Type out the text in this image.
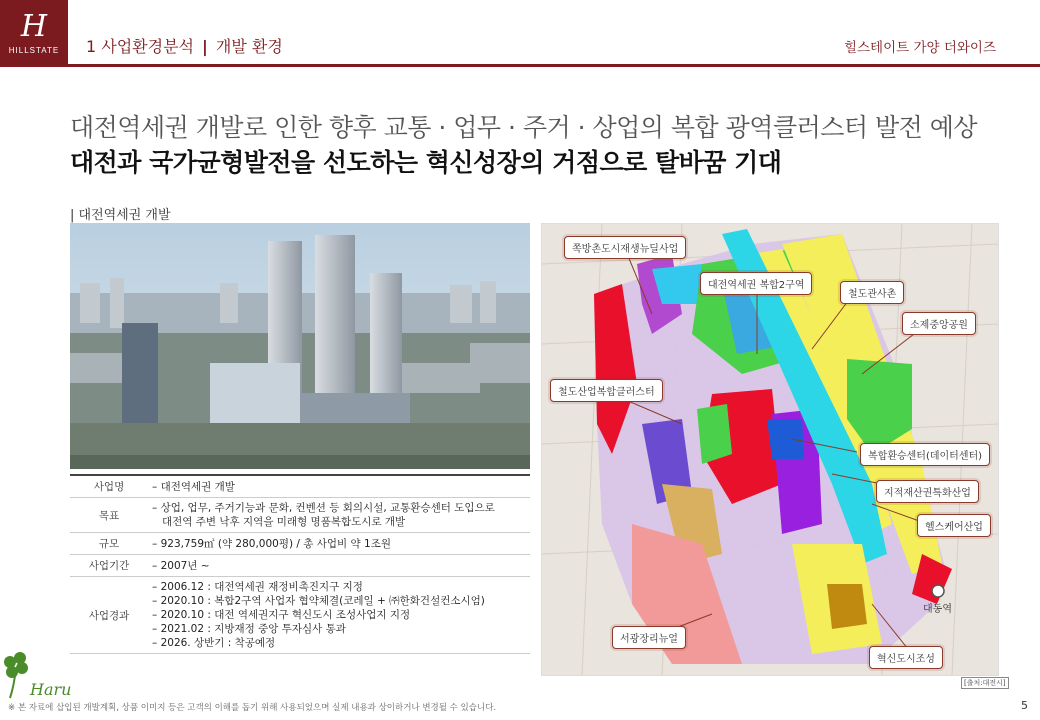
H
HILLSTATE 1 사업환경분석 | 개발 환경	힐스테이트 가양 더와이즈
대전역세권 개발로 인한 향후 교통 · 업무 · 주거 · 상업의 복합 광역클러스터 발전 예상
대전과 국가균형발전을 선도하는 혁신성장의 거점으로 탈바꿈 기대
| 대전역세권 개발
사업명	– 대전역세권 개발

목표	– 상업, 업무, 주거기능과 문화, 컨벤션 등 회의시설, 교통환승센터 도입으로
대전역 주변 낙후 지역을 미래형 명품복합도시로 개발

규모	– 923,759㎡ (약 280,000평) / 총 사업비 약 1조원

사업기간	– 2007년 ~

사업경과	– 2006.12 : 대전역세권 재정비촉진지구 지정
– 2020.10 : 복합2구역 사업자 협약체결(코레일 + ㈜한화건설컨소시엄)
– 2020.10 : 대전 역세권지구 혁신도시 조성사업지 지정
– 2021.02 : 지방재정 중앙 투자심사 통과
– 2026. 상반기 : 착공예정
쪽방촌도시재생뉴딜사업
대전역세권 복합2구역
철도관사촌
소제중앙공원
철도산업복합클러스터
복합환승센터(데이터센터)
지적재산권특화산업
헬스케어산업
서광장리뉴얼
혁신도시조성
대동역
[출처:대전시]
Haru
※ 본 자료에 삽입된 개발계획, 상품 이미지 등은 고객의 이해를 돕기 위해 사용되었으며 실제 내용과 상이하거나 변경될 수 있습니다.	5
